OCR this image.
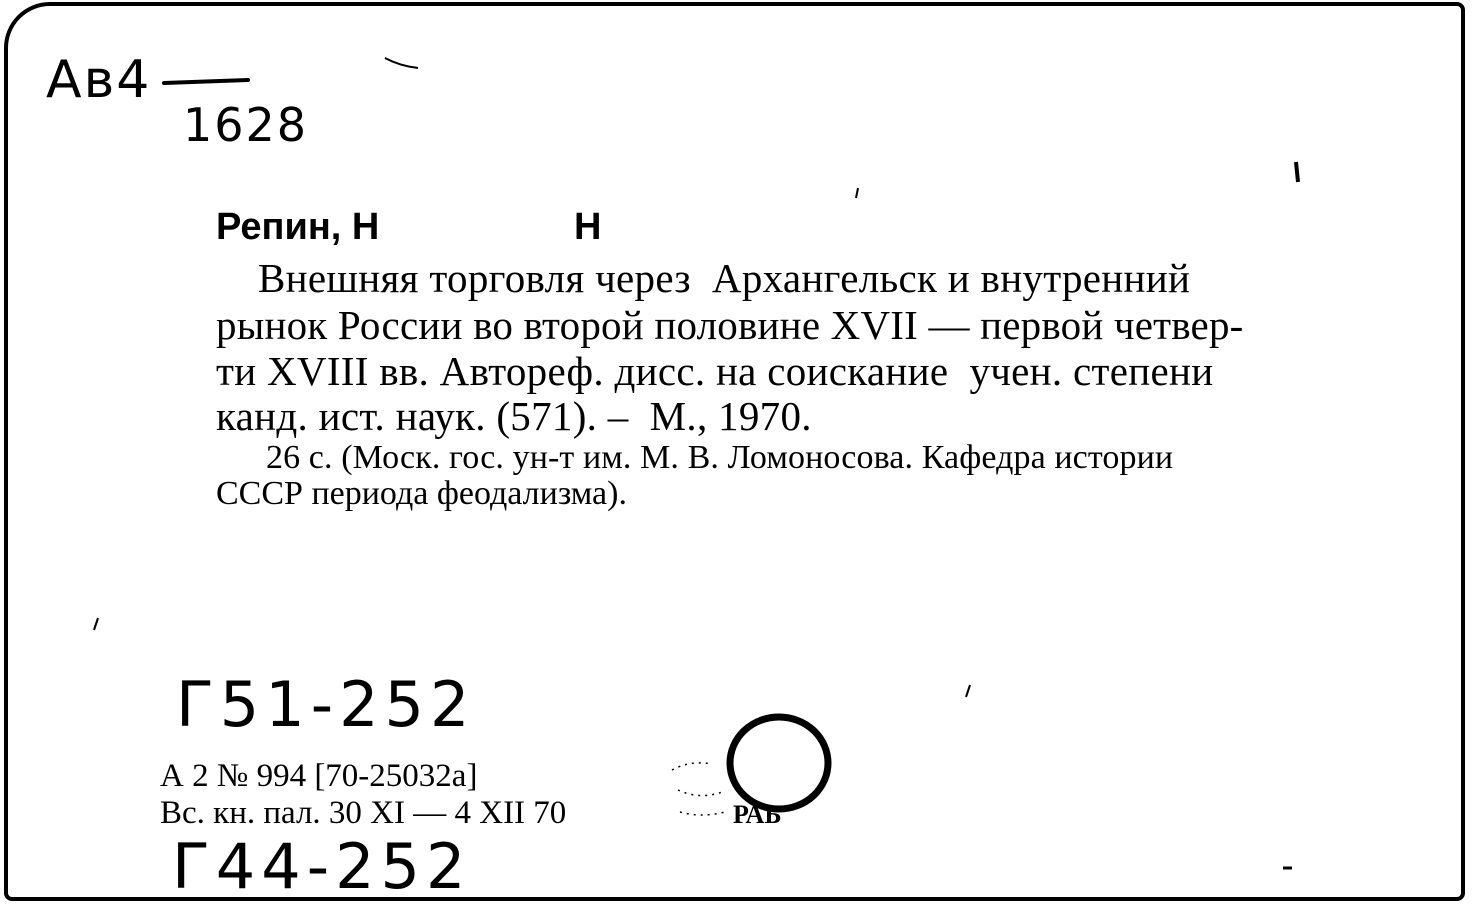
Ав4
1628
Репин, Н	Н
Внешняя торговля через  Архангельск и внутренний
рынок России во второй половине XVII — первой четвер-
ти XVIII вв. Автореф. дисс. на соискание  учен. степени
канд. ист. наук. (571). –  М., 1970.
26 с. (Моск. гос. ун-т им. М. В. Ломоносова. Кафедра истории
СССР периода феодализма).
Г51-252
А 2 № 994 [70-25032а]
Вс. кн. пал. 30 XI — 4 XII 70	РАБ
Г44-252
